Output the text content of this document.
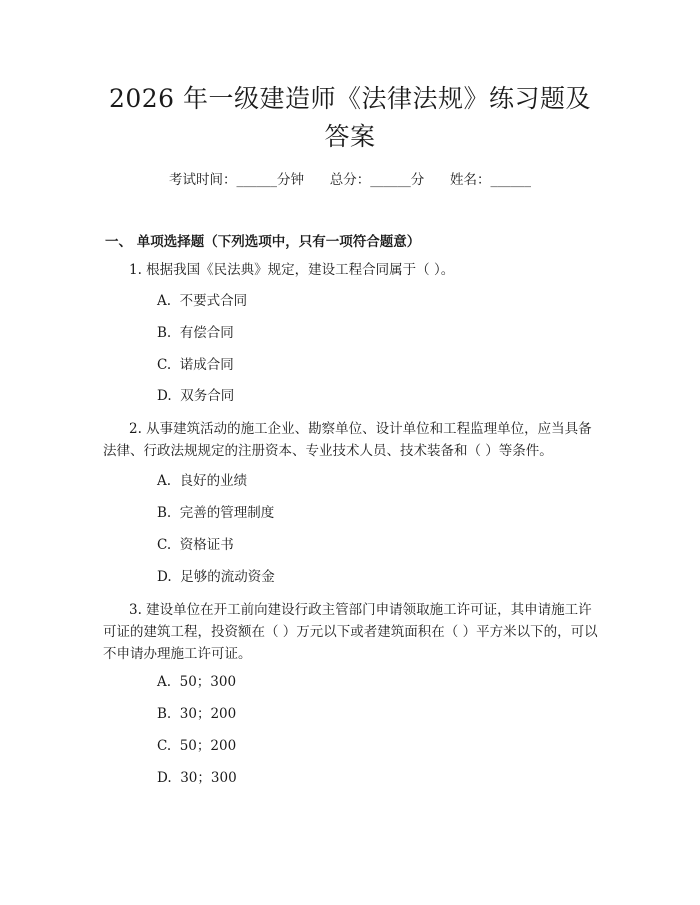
2026 年一级建造师《法律法规》练习题及答案
考试时间：______分钟 总分：______分 姓名：______
一、 单项选择题（下列选项中，只有一项符合题意）
1. 根据我国《民法典》规定，建设工程合同属于（ ）。
A.  不要式合同
B.  有偿合同
C.  诺成合同
D.  双务合同
2. 从事建筑活动的施工企业、勘察单位、设计单位和工程监理单位，应当具备法律、行政法规规定的注册资本、专业技术人员、技术装备和（ ）等条件。
A.  良好的业绩
B.  完善的管理制度
C.  资格证书
D.  足够的流动资金
3. 建设单位在开工前向建设行政主管部门申请领取施工许可证，其申请施工许可证的建筑工程，投资额在（ ）万元以下或者建筑面积在（ ）平方米以下的，可以不申请办理施工许可证。
A.  50；300
B.  30；200
C.  50；200
D.  30；300
